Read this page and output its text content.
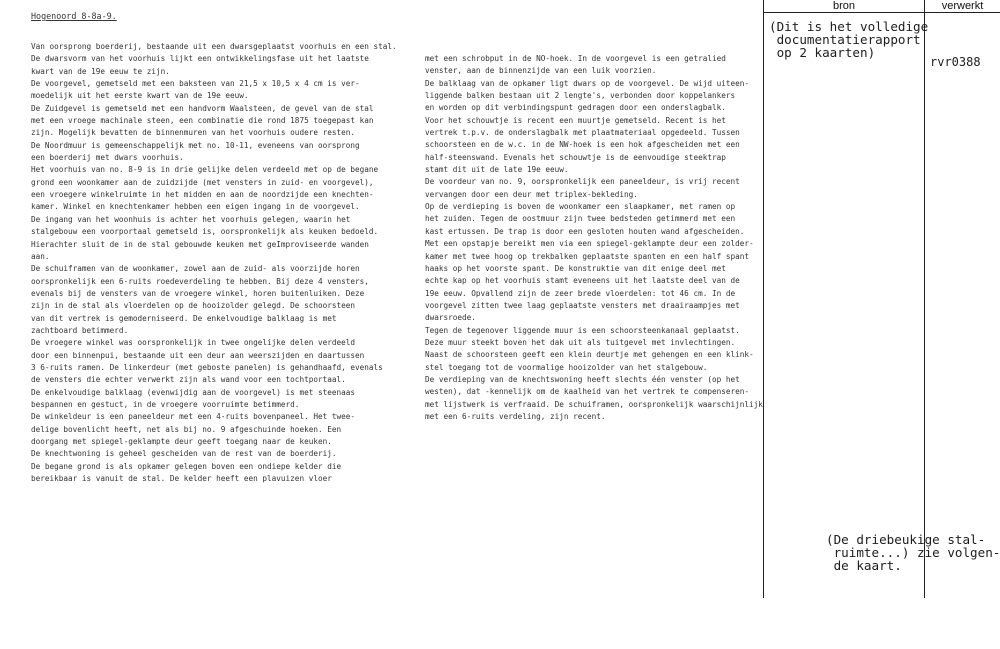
bron	verwerkt
Hogenoord 8-8a-9.
Van oorsprong boerderij, bestaande uit een dwarsgeplaatst voorhuis en een stal.
De dwarsvorm van het voorhuis lijkt een ontwikkelingsfase uit het laatste
kwart van de 19e eeuw te zijn.
De voorgevel, gemetseld met een baksteen van 21,5 x 10,5 x 4 cm is ver-
moedelijk uit het eerste kwart van de 19e eeuw.
De Zuidgevel is gemetseld met een handvorm Waalsteen, de gevel van de stal
met een vroege machinale steen, een combinatie die rond 1875 toegepast kan
zijn. Mogelijk bevatten de binnenmuren van het voorhuis oudere resten.
De Noordmuur is gemeenschappelijk met no. 10-11, eveneens van oorsprong
een boerderij met dwars voorhuis.
Het voorhuis van no. 8-9 is in drie gelijke delen verdeeld met op de begane
grond een woonkamer aan de zuidzijde (met vensters in zuid- en voorgevel),
een vroegere winkelruimte in het midden en aan de noordzijde een knechten-
kamer. Winkel en knechtenkamer hebben een eigen ingang in de voorgevel.
De ingang van het woonhuis is achter het voorhuis gelegen, waarin het
stalgebouw een voorportaal gemetseld is, oorspronkelijk als keuken bedoeld.
Hierachter sluit de in de stal gebouwde keuken met geImproviseerde wanden
aan.
De schuiframen van de woonkamer, zowel aan de zuid- als voorzijde horen
oorspronkelijk een 6-ruits roedeverdeling te hebben. Bij deze 4 vensters,
evenals bij de vensters van de vroegere winkel, horen buitenluiken. Deze
zijn in de stal als vloerdelen op de hooizolder gelegd. De schoorsteen
van dit vertrek is gemoderniseerd. De enkelvoudige balklaag is met
zachtboard betimmerd.
De vroegere winkel was oorspronkelijk in twee ongelijke delen verdeeld
door een binnenpui, bestaande uit een deur aan weerszijden en daartussen
3 6-ruits ramen. De linkerdeur (met geboste panelen) is gehandhaafd, evenals
de vensters die echter verwerkt zijn als wand voor een tochtportaal.
De enkelvoudige balklaag (evenwijdig aan de voorgevel) is met steenaas
bespannen en gestuct, in de vroegere voorruimte betimmerd.
De winkeldeur is een paneeldeur met een 4-ruits bovenpaneel. Het twee-
delige bovenlicht heeft, net als bij no. 9 afgeschuinde hoeken. Een
doorgang met spiegel-geklampte deur geeft toegang naar de keuken.
De knechtwoning is geheel gescheiden van de rest van de boerderij.
De begane grond is als opkamer gelegen boven een ondiepe kelder die
bereikbaar is vanuit de stal. De kelder heeft een plavuizen vloer
met een schrobput in de NO-hoek. In de voorgevel is een getralied
venster, aan de binnenzijde van een luik voorzien.
De balklaag van de opkamer ligt dwars op de voorgevel. De wijd uiteen-
liggende balken bestaan uit 2 lengte's, verbonden door koppelankers
en worden op dit verbindingspunt gedragen door een onderslagbalk.
Voor het schouwtje is recent een muurtje gemetseld. Recent is het
vertrek t.p.v. de onderslagbalk met plaatmateriaal opgedeeld. Tussen
schoorsteen en de w.c. in de NW-hoek is een hok afgescheiden met een
half-steenswand. Evenals het schouwtje is de eenvoudige steektrap
stamt dit uit de late 19e eeuw.
De voordeur van no. 9, oorspronkelijk een paneeldeur, is vrij recent
vervangen door een deur met triplex-bekleding.
Op de verdieping is boven de woonkamer een slaapkamer, met ramen op
het zuiden. Tegen de oostmuur zijn twee bedsteden getimmerd met een
kast ertussen. De trap is door een gesloten houten wand afgescheiden.
Met een opstapje bereikt men via een spiegel-geklampte deur een zolder-
kamer met twee hoog op trekbalken geplaatste spanten en een half spant
haaks op het voorste spant. De konstruktie van dit enige deel met
echte kap op het voorhuis stamt eveneens uit het laatste deel van de
19e eeuw. Opvallend zijn de zeer brede vloerdelen: tot 46 cm. In de
voorgevel zitten twee laag geplaatste vensters met draairaampjes met
dwarsroede.
Tegen de tegenover liggende muur is een schoorsteenkanaal geplaatst.
Deze muur steekt boven het dak uit als tuitgevel met invlechtingen.
Naast de schoorsteen geeft een klein deurtje met gehengen en een klink-
stel toegang tot de voormalige hooizolder van het stalgebouw.
De verdieping van de knechtswoning heeft slechts één venster (op het
westen), dat -kennelijk om de kaalheid van het vertrek te compenseren-
met lijstwerk is verfraaid. De schuiframen, oorspronkelijk waarschijnlijk
met een 6-ruits verdeling, zijn recent.
(Dit is het volledige
documentatierapport
op 2 kaarten)
rvr0388
(De driebeukige stal-
ruimte...) zie volgen-
de kaart.
